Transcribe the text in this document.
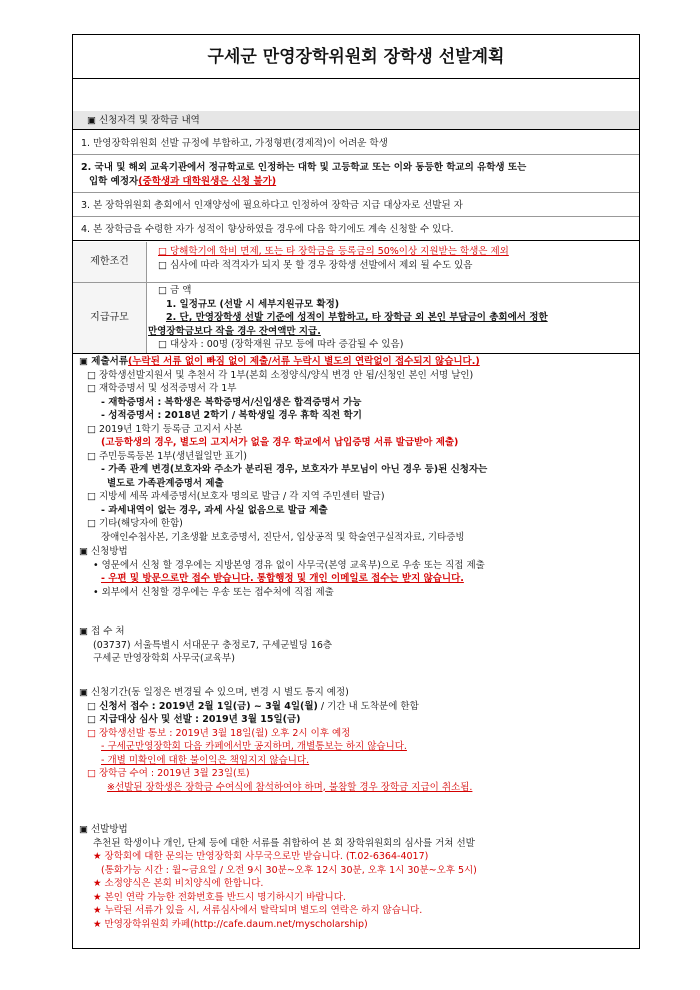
구세군 만영장학위원회 장학생 선발계획
▣ 신청자격 및 장학금 내역
1. 만영장학위원회 선발 규정에 부합하고, 가정형편(경제적)이 어려운 학생
2. 국내 및 해외 교육기관에서 정규학교로 인정하는 대학 및 고등학교 또는 이와 동등한 학교의 유학생 또는
입학 예정자(중학생과 대학원생은 신청 불가)
3. 본 장학위원회 총회에서 인재양성에 필요하다고 인정하여 장학금 지급 대상자로 선발된 자
4. 본 장학금을 수령한 자가 성적이 향상하였을 경우에 다음 학기에도 계속 신청할 수 있다.
제한조건
□ 당해학기에 학비 면제, 또는 타 장학금을 등록금의 50%이상 지원받는 학생은 제외
□ 심사에 따라 적격자가 되지 못 할 경우 장학생 선발에서 제외 될 수도 있음
지급규모
□ 금 액
1. 일정규모 (선발 시 세부지원규모 확정)
2. 단, 만영장학생 선발 기준에 성적이 부합하고, 타 장학금 외 본인 부담금이 총회에서 정한
만영장학금보다 작을 경우 잔여액만 지급.
□ 대상자 : 00명 (장학재원 규모 등에 따라 증감될 수 있음)
▣ 제출서류(누락된 서류 없이 빠짐 없이 제출/서류 누락시 별도의 연락없이 접수되지 않습니다.)
□ 장학생선발지원서 및 추천서 각 1부(본회 소정양식/양식 변경 안 됨/신청인 본인 서명 날인)
□ 재학증명서 및 성적증명서 각 1부
- 재학증명서 : 복학생은 복학증명서/신입생은 합격증명서 가능
- 성적증명서 : 2018년 2학기 / 복학생일 경우 휴학 직전 학기
□ 2019년 1학기 등록금 고지서 사본
(고등학생의 경우, 별도의 고지서가 없을 경우 학교에서 납입증명 서류 발급받아 제출)
□ 주민등록등본 1부(생년월일만 표기)
- 가족 관계 변경(보호자와 주소가 분리된 경우, 보호자가 부모님이 아닌 경우 등)된 신청자는
별도로 가족관계증명서 제출
□ 지방세 세목 과세증명서(보호자 명의로 발급 / 각 지역 주민센터 발급)
- 과세내역이 없는 경우, 과세 사실 없음으로 발급 제출
□ 기타(해당자에 한함)
장애인수첩사본, 기초생활 보호증명서, 진단서, 입상공적 및 학술연구실적자료, 기타증빙
▣ 신청방법
• 영문에서 신청 할 경우에는 지방본영 경유 없이 사무국(본영 교육부)으로 우송 또는 직접 제출
- 우편 및 방문으로만 접수 받습니다. 통합행정 및 개인 이메일로 접수는 받지 않습니다.
• 외부에서 신청할 경우에는 우송 또는 접수처에 직접 제출
▣ 접 수 처
(03737) 서울특별시 서대문구 충정로7, 구세군빌딩 16층
구세군 만영장학회 사무국(교육부)
▣ 신청기간(동 일정은 변경될 수 있으며, 변경 시 별도 통지 예정)
□ 신청서 접수 : 2019년 2월 1일(금) ~ 3월 4일(월) / 기간 내 도착분에 한함
□ 지급대상 심사 및 선발 : 2019년 3월 15일(금)
□ 장학생선발 통보 : 2019년 3월 18일(월) 오후 2시 이후 예정
- 구세군만영장학회 다음 카페에서만 공지하며, 개별통보는 하지 않습니다.
- 개별 미확인에 대한 불이익은 책임지지 않습니다.
□ 장학금 수여 : 2019년 3월 23일(토)
※선발된 장학생은 장학금 수여식에 참석하여야 하며, 불참할 경우 장학금 지급이 취소됨.
▣ 선발방법
추천된 학생이나 개인, 단체 등에 대한 서류를 취합하여 본 회 장학위원회의 심사를 거쳐 선발
★ 장학회에 대한 문의는 만영장학회 사무국으로만 받습니다. (T.02-6364-4017)
(통화가능 시간 : 월~금요일 / 오전 9시 30분~오후 12시 30분, 오후 1시 30분~오후 5시)
★ 소정양식은 본회 비치양식에 한합니다.
★ 본인 연락 가능한 전화번호를 반드시 명기하시기 바랍니다.
★ 누락된 서류가 있을 시, 서류심사에서 탈락되며 별도의 연락은 하지 않습니다.
★ 만영장학위원회 카페(http://cafe.daum.net/myscholarship)
